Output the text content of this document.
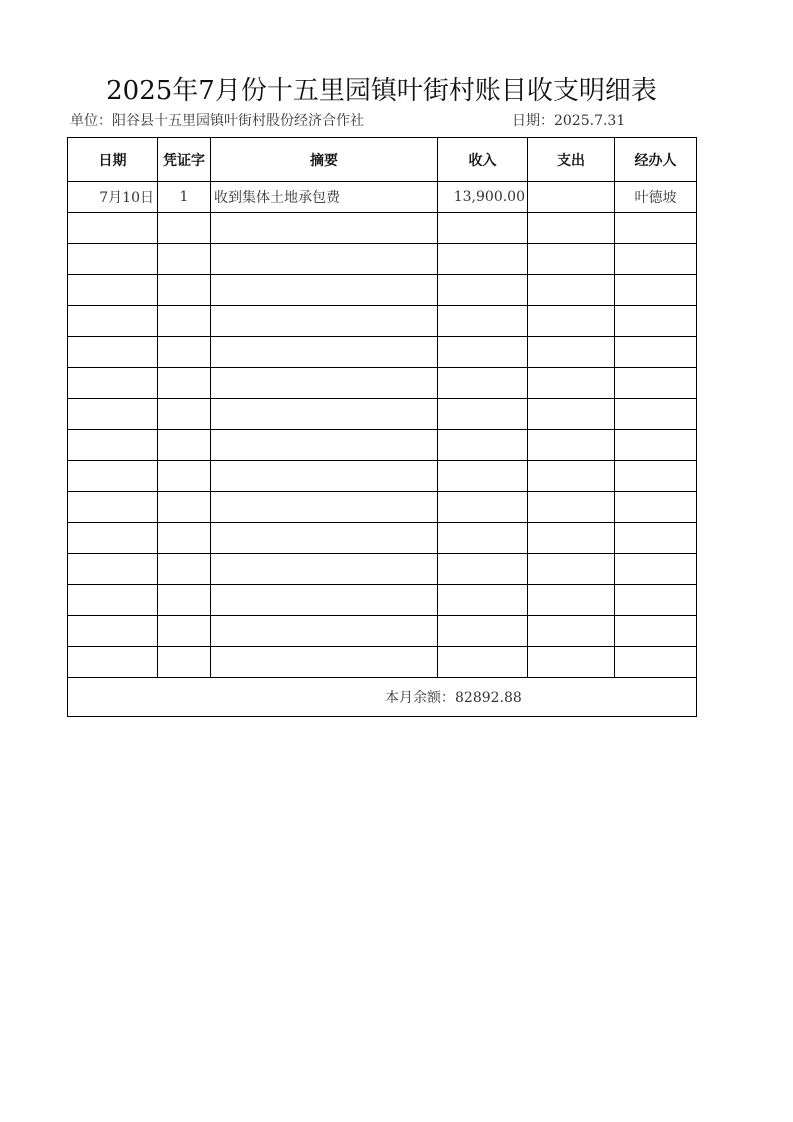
2025年7月份十五里园镇叶街村账目收支明细表
单位：阳谷县十五里园镇叶街村股份经济合作社	日期：2025.7.31
日期	凭证字	摘要	收入	支出	经办人
7月10日	1	收到集体土地承包费	13,900.00		叶德坡

本月余额：82892.88					
